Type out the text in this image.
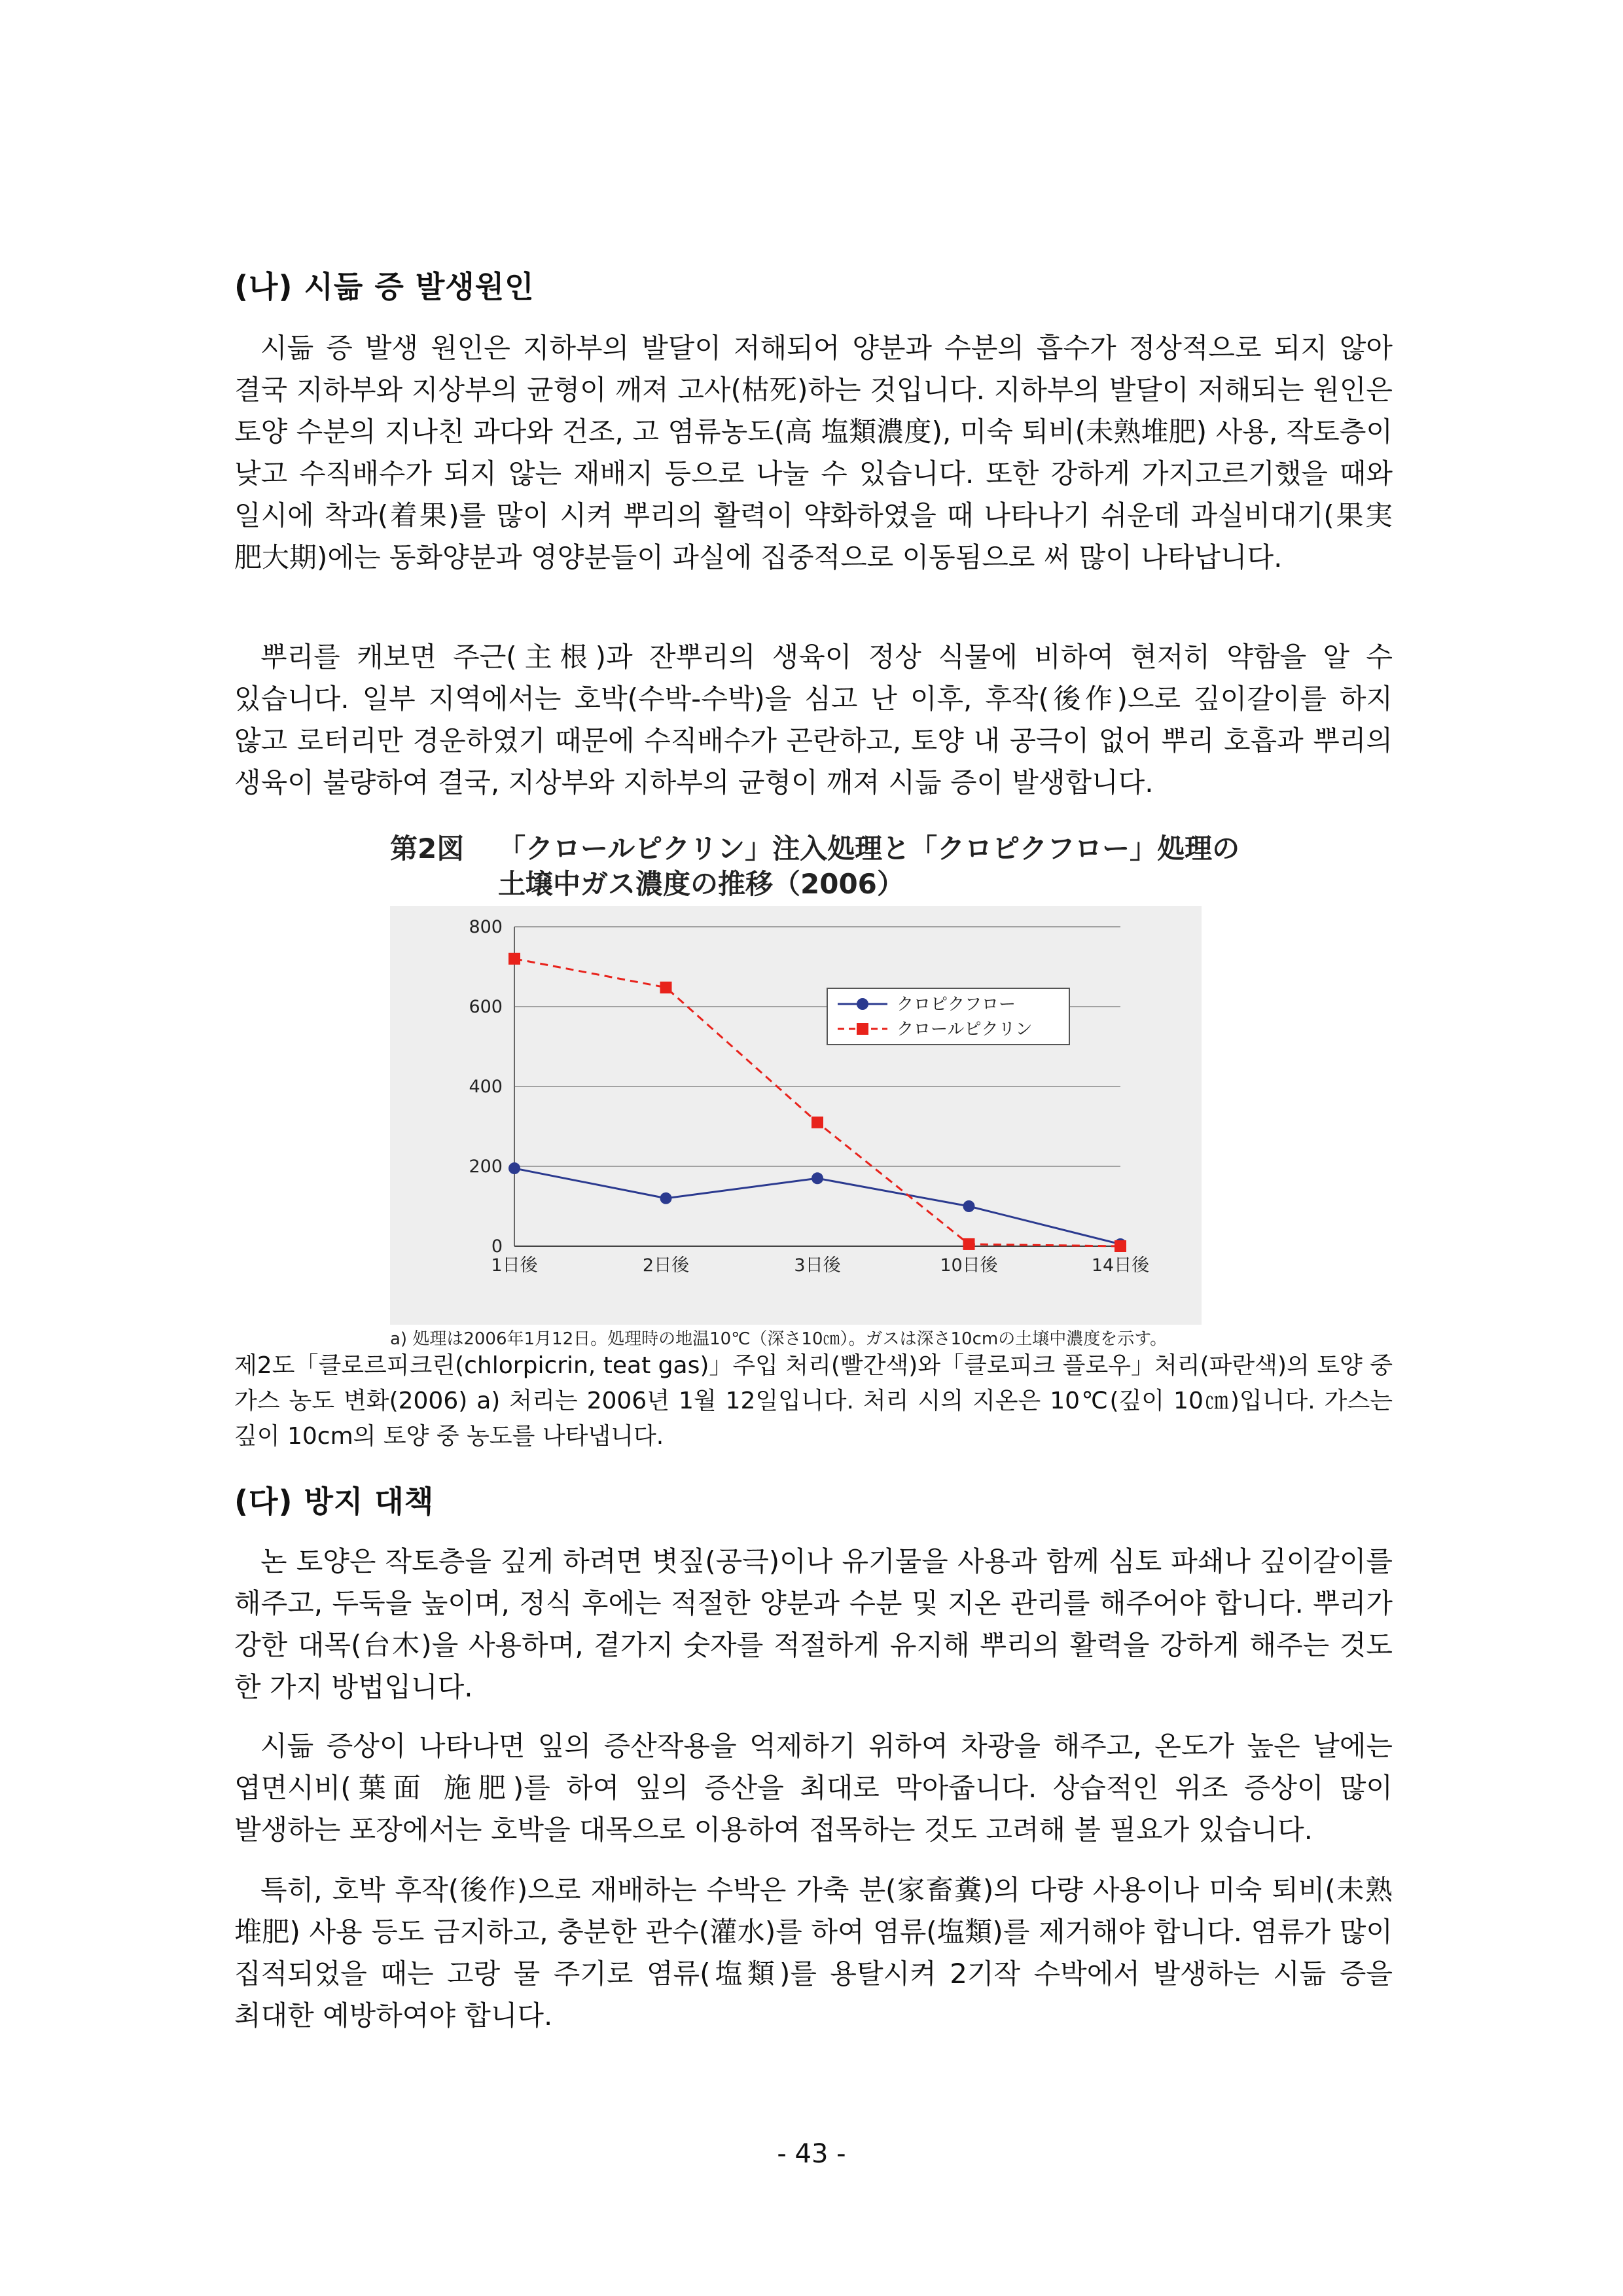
(나) 시듦 증 발생원인

시듦 증 발생 원인은 지하부의 발달이 저해되어 양분과 수분의 흡수가 정상적으로 되지 않아 결국 지하부와 지상부의 균형이 깨져 고사(枯死)하는 것입니다. 지하부의 발달이 저해되는 원인은 토양 수분의 지나친 과다와 건조, 고 염류농도(高 塩類濃度), 미숙 퇴비(未熟堆肥) 사용, 작토층이 낮고 수직배수가 되지 않는 재배지 등으로 나눌 수 있습니다. 또한 강하게 가지고르기했을 때와 일시에 착과(着果)를 많이 시켜 뿌리의 활력이 약화하였을 때 나타나기 쉬운데 과실비대기(果実 肥大期)에는 동화양분과 영양분들이 과실에 집중적으로 이동됨으로 써 많이 나타납니다.

뿌리를 캐보면 주근(主根)과 잔뿌리의 생육이 정상 식물에 비하여 현저히 약함을 알 수 있습니다. 일부 지역에서는 호박(수박-수박)을 심고 난 이후, 후작(後作)으로 깊이갈이를 하지 않고 로터리만 경운하였기 때문에 수직배수가 곤란하고, 토양 내 공극이 없어 뿌리 호흡과 뿌리의 생육이 불량하여 결국, 지상부와 지하부의 균형이 깨져 시듦 증이 발생합니다.

第2図 「クロールピクリン」注入処理と「クロピクフロー」処理の
土壌中ガス濃度の推移（2006）
0
200
400
600
800
1日後	2日後	3日後	10日後	14日後
クロピクフロー
クロールピクリン

a) 処理は2006年1月12日。処理時の地温10℃（深さ10㎝）。ガスは深さ10cmの土壌中濃度を示す。

제2도「클로르피크린(chlorpicrin, teat gas)」주입 처리(빨간색)와「클로피크 플로우」처리(파란색)의 토양 중 가스 농도 변화(2006) a) 처리는 2006년 1월 12일입니다. 처리 시의 지온은 10℃(깊이 10㎝)입니다. 가스는 깊이 10cm의 토양 중 농도를 나타냅니다.

(다) 방지 대책

논 토양은 작토층을 깊게 하려면 볏짚(공극)이나 유기물을 사용과 함께 심토 파쇄나 깊이갈이를 해주고, 두둑을 높이며, 정식 후에는 적절한 양분과 수분 및 지온 관리를 해주어야 합니다. 뿌리가 강한 대목(台木)을 사용하며, 곁가지 숫자를 적절하게 유지해 뿌리의 활력을 강하게 해주는 것도 한 가지 방법입니다.

시듦 증상이 나타나면 잎의 증산작용을 억제하기 위하여 차광을 해주고, 온도가 높은 날에는 엽면시비(葉面 施肥)를 하여 잎의 증산을 최대로 막아줍니다. 상습적인 위조 증상이 많이 발생하는 포장에서는 호박을 대목으로 이용하여 접목하는 것도 고려해 볼 필요가 있습니다.

특히, 호박 후작(後作)으로 재배하는 수박은 가축 분(家畜糞)의 다량 사용이나 미숙 퇴비(未熟 堆肥) 사용 등도 금지하고, 충분한 관수(灌水)를 하여 염류(塩類)를 제거해야 합니다. 염류가 많이 집적되었을 때는 고랑 물 주기로 염류(塩類)를 용탈시켜 2기작 수박에서 발생하는 시듦 증을 최대한 예방하여야 합니다.

- 43 -
